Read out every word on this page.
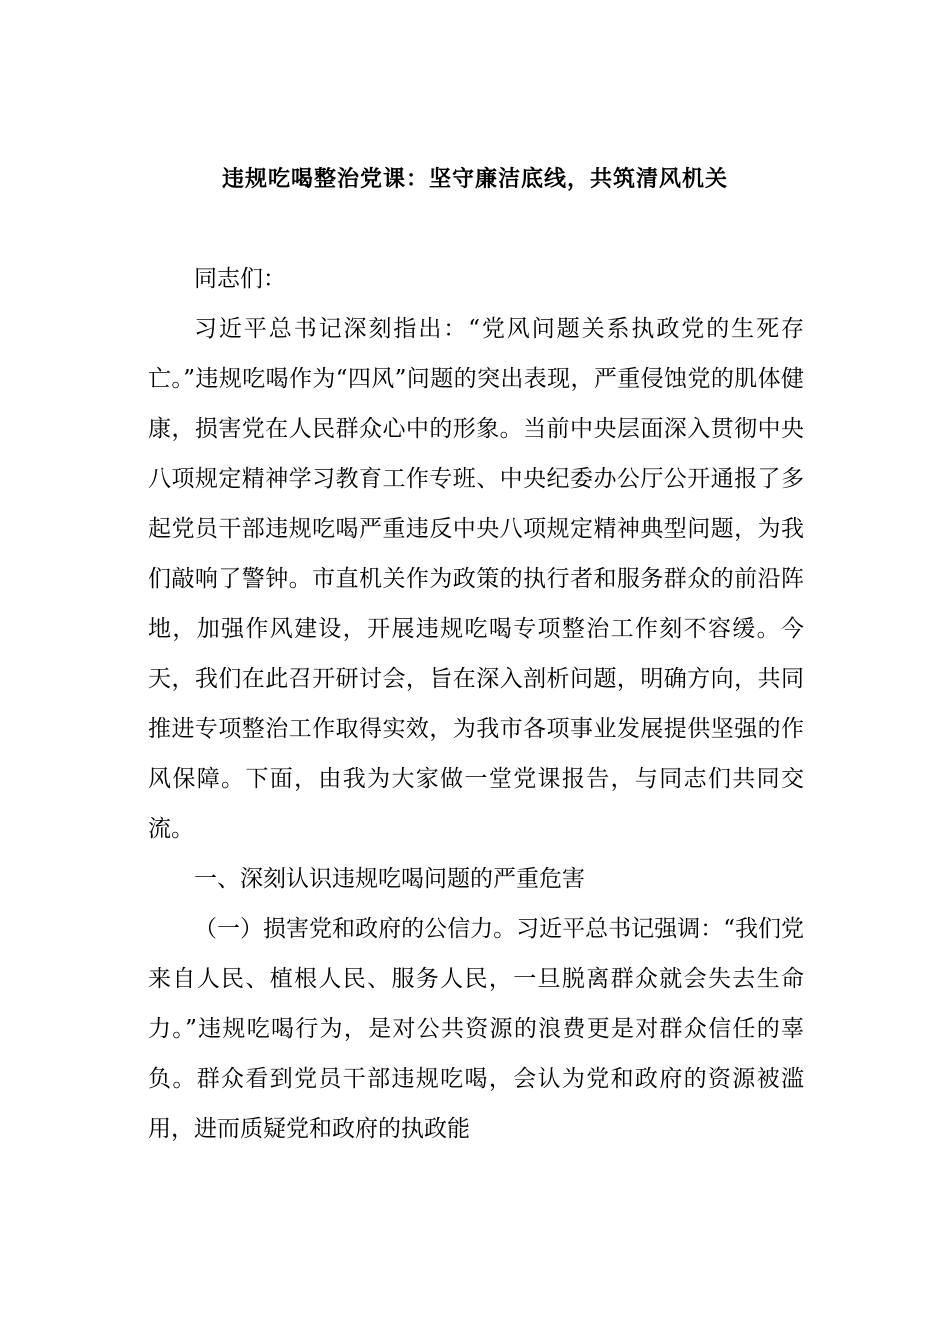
违规吃喝整治党课：坚守廉洁底线，共筑清风机关

同志们：

习近平总书记深刻指出：“党风问题关系执政党的生死存亡。”违规吃喝作为“四风”问题的突出表现，严重侵蚀党的肌体健康，损害党在人民群众心中的形象。当前中央层面深入贯彻中央八项规定精神学习教育工作专班、中央纪委办公厅公开通报了多起党员干部违规吃喝严重违反中央八项规定精神典型问题，为我们敲响了警钟。市直机关作为政策的执行者和服务群众的前沿阵地，加强作风建设，开展违规吃喝专项整治工作刻不容缓。今天，我们在此召开研讨会，旨在深入剖析问题，明确方向，共同推进专项整治工作取得实效，为我市各项事业发展提供坚强的作风保障。下面，由我为大家做一堂党课报告，与同志们共同交流。

一、深刻认识违规吃喝问题的严重危害

（一）损害党和政府的公信力。习近平总书记强调：“我们党来自人民、植根人民、服务人民，一旦脱离群众就会失去生命力。”违规吃喝行为，是对公共资源的浪费更是对群众信任的辜负。群众看到党员干部违规吃喝，会认为党和政府的资源被滥用，进而质疑党和政府的执政能
